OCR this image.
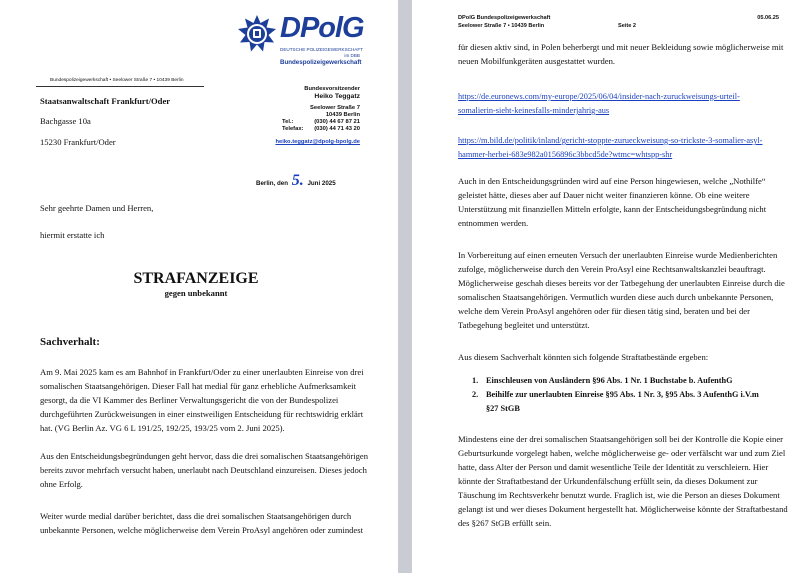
DPolG
DEUTSCHE POLIZEIGEWERKSCHAFT
im DBB
Bundespolizeigewerkschaft
Bundespolizeigewerkschaft • Seelower Straße 7 • 10439 Berlin
Staatsanwaltschaft Frankfurt/Oder
Bachgasse 10a
15230 Frankfurt/Oder
Bundesvorsitzender
Heiko Teggatz
Seelower Straße 7
10439 Berlin
Tel.:	(030) 44 67 87 21
Telefax: (030) 44 71 43 20
heiko.teggatz@dpolg-bpolg.de
Berlin, den 5. Juni 2025
Sehr geehrte Damen und Herren,
hiermit erstatte ich
STRAFANZEIGE
gegen unbekannt
Sachverhalt:
Am 9. Mai 2025 kam es am Bahnhof in Frankfurt/Oder zu einer unerlaubten Einreise von drei somalischen Staatsangehörigen. Dieser Fall hat medial für ganz erhebliche Aufmerksamkeit gesorgt, da die VI Kammer des Berliner Verwaltungsgericht die von der Bundespolizei durchgeführten Zurückweisungen in einer einstweiligen Entscheidung für rechtswidrig erklärt hat. (VG Berlin Az. VG 6 L 191/25, 192/25, 193/25 vom 2. Juni 2025).
Aus den Entscheidungsbegründungen geht hervor, dass die drei somalischen Staatsangehörigen bereits zuvor mehrfach versucht haben, unerlaubt nach Deutschland einzureisen. Dieses jedoch ohne Erfolg.
Weiter wurde medial darüber berichtet, dass die drei somalischen Staatsangehörigen durch unbekannte Personen, welche möglicherweise dem Verein ProAsyl angehören oder zumindest
DPolG Bundespolizeigewerkschaft
Seelower Straße 7 • 10439 Berlin	Seite 2
05.06.25
für diesen aktiv sind, in Polen beherbergt und mit neuer Bekleidung sowie möglicherweise mit neuen Mobilfunkgeräten ausgestattet wurden.
https://de.euronews.com/my-europe/2025/06/04/insider-nach-zuruckweisungs-urteil-
somalierin-sieht-keinesfalls-minderjahrig-aus
https://m.bild.de/politik/inland/gericht-stoppte-zurueckweisung-so-trickste-3-somalier-asyl-
hammer-herbei-683e982a0156896c3bbcd5de?wtmc=whtspp-shr
Auch in den Entscheidungsgründen wird auf eine Person hingewiesen, welche „Nothilfe“ geleistet hätte, dieses aber auf Dauer nicht weiter finanzieren könne. Ob eine weitere Unterstützung mit finanziellen Mitteln erfolgte, kann der Entscheidungsbegründung nicht entnommen werden.
In Vorbereitung auf einen erneuten Versuch der unerlaubten Einreise wurde Medienberichten zufolge, möglicherweise durch den Verein ProAsyl eine Rechtsanwaltskanzlei beauftragt. Möglicherweise geschah dieses bereits vor der Tatbegehung der unerlaubten Einreise durch die somalischen Staatsangehörigen. Vermutlich wurden diese auch durch unbekannte Personen, welche dem Verein ProAsyl angehören oder für diesen tätig sind, beraten und bei der Tatbegehung begleitet und unterstützt.
Aus diesem Sachverhalt könnten sich folgende Straftatbestände ergeben:
1. Einschleusen von Ausländern §96 Abs. 1 Nr. 1 Buchstabe b. AufenthG
2. Beihilfe zur unerlaubten Einreise §95 Abs. 1 Nr. 3, §95 Abs. 3 AufenthG i.V.m
§27 StGB
Mindestens eine der drei somalischen Staatsangehörigen soll bei der Kontrolle die Kopie einer Geburtsurkunde vorgelegt haben, welche möglicherweise ge- oder verfälscht war und zum Ziel hatte, dass Alter der Person und damit wesentliche Teile der Identität zu verschleiern. Hier könnte der Straftatbestand der Urkundenfälschung erfüllt sein, da dieses Dokument zur Täuschung im Rechtsverkehr benutzt wurde. Fraglich ist, wie die Person an dieses Dokument gelangt ist und wer dieses Dokument hergestellt hat. Möglicherweise könnte der Straftatbestand des §267 StGB erfüllt sein.
